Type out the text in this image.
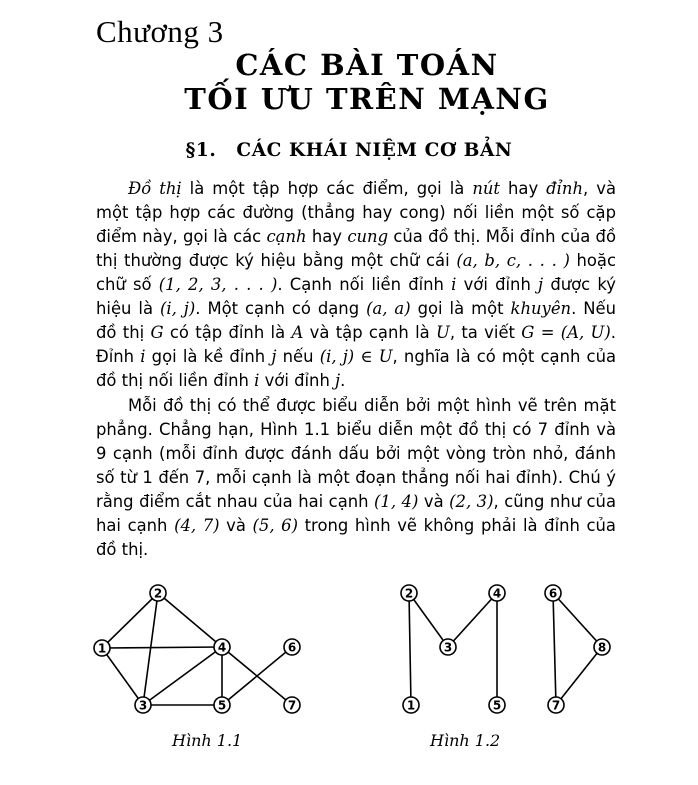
Chương 3
CÁC BÀI TOÁN
TỐI ƯU TRÊN MẠNG
§1. CÁC KHÁI NIỆM CƠ BẢN
Đồ thị là một tập hợp các điểm, gọi là nút hay đỉnh, và một tập hợp các đường (thẳng hay cong) nối liền một số cặp điểm này, gọi là các cạnh hay cung của đồ thị. Mỗi đỉnh của đồ thị thường được ký hiệu bằng một chữ cái (a, b, c, . . . ) hoặc chữ số (1, 2, 3, . . . ). Cạnh nối liền đỉnh i với đỉnh j được ký hiệu là (i, j). Một cạnh có dạng (a, a) gọi là một khuyên. Nếu đồ thị G có tập đỉnh là A và tập cạnh là U, ta viết G = (A, U). Đỉnh i gọi là kề đỉnh j nếu (i, j) ∈ U, nghĩa là có một cạnh của đồ thị nối liền đỉnh i với đỉnh j.
Mỗi đồ thị có thể được biểu diễn bởi một hình vẽ trên mặt phẳng. Chẳng hạn, Hình 1.1 biểu diễn một đồ thị có 7 đỉnh và 9 cạnh (mỗi đỉnh được đánh dấu bởi một vòng tròn nhỏ, đánh số từ 1 đến 7, mỗi cạnh là một đoạn thẳng nối hai đỉnh). Chú ý rằng điểm cắt nhau của hai cạnh (1, 4) và (2, 3), cũng như của hai cạnh (4, 7) và (5, 6) trong hình vẽ không phải là đỉnh của đồ thị.
1
2
3
4
5
6
7	1
2
3
4
5
6
7
8
Hình 1.1	Hình 1.2
